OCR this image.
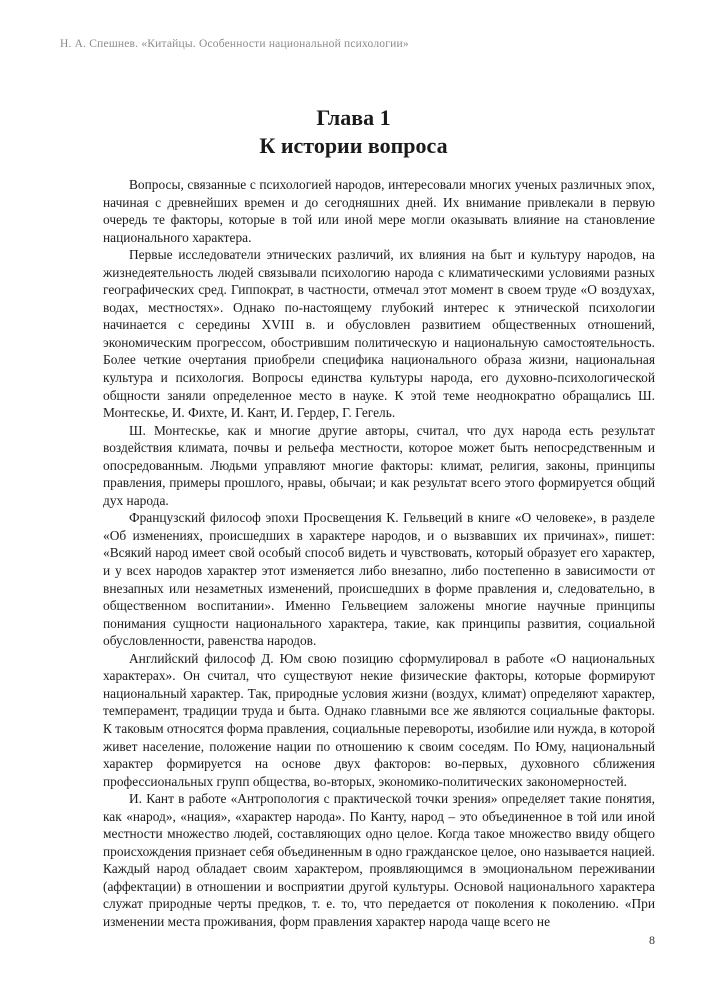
Н. А. Спешнев. «Китайцы. Особенности национальной психологии»
Глава 1
К истории вопроса

Вопросы, связанные с психологией народов, интересовали многих ученых различных эпох, начиная с древнейших времен и до сегодняшних дней. Их внимание привлекали в первую очередь те факторы, которые в той или иной мере могли оказывать влияние на становление национального характера.

Первые исследователи этнических различий, их влияния на быт и культуру народов, на жизнедеятельность людей связывали психологию народа с климатическими условиями разных географических сред. Гиппократ, в частности, отмечал этот момент в своем труде «О воздухах, водах, местностях». Однако по-настоящему глубокий интерес к этнической психологии начинается с середины XVIII в. и обусловлен развитием общественных отношений, экономическим прогрессом, обострившим политическую и национальную самостоятельность. Более четкие очертания приобрели специфика национального образа жизни, национальная культура и психология. Вопросы единства культуры народа, его духовно-психологической общности заняли определенное место в науке. К этой теме неоднократно обращались Ш. Монтескье, И. Фихте, И. Кант, И. Гердер, Г. Гегель.

Ш. Монтескье, как и многие другие авторы, считал, что дух народа есть результат воздействия климата, почвы и рельефа местности, которое может быть непосредственным и опосредованным. Людьми управляют многие факторы: климат, религия, законы, принципы правления, примеры прошлого, нравы, обычаи; и как результат всего этого формируется общий дух народа.

Французский философ эпохи Просвещения К. Гельвеций в книге «О человеке», в разделе «Об изменениях, происшедших в характере народов, и о вызвавших их причинах», пишет: «Всякий народ имеет свой особый способ видеть и чувствовать, который образует его характер, и у всех народов характер этот изменяется либо внезапно, либо постепенно в зависимости от внезапных или незаметных изменений, происшедших в форме правления и, следовательно, в общественном воспитании». Именно Гельвецием заложены многие научные принципы понимания сущности национального характера, такие, как принципы развития, социальной обусловленности, равенства народов.

Английский философ Д. Юм свою позицию сформулировал в работе «О национальных характерах». Он считал, что существуют некие физические факторы, которые формируют национальный характер. Так, природные условия жизни (воздух, климат) определяют характер, темперамент, традиции труда и быта. Однако главными все же являются социальные факторы. К таковым относятся форма правления, социальные перевороты, изобилие или нужда, в которой живет население, положение нации по отношению к своим соседям. По Юму, национальный характер формируется на основе двух факторов: во-первых, духовного сближения профессиональных групп общества, во-вторых, экономико-политических закономерностей.

И. Кант в работе «Антропология с практической точки зрения» определяет такие понятия, как «народ», «нация», «характер народа». По Канту, народ – это объединенное в той или иной местности множество людей, составляющих одно целое. Когда такое множество ввиду общего происхождения признает себя объединенным в одно гражданское целое, оно называется нацией. Каждый народ обладает своим характером, проявляющимся в эмоциональном переживании (аффектации) в отношении и восприятии другой культуры. Основой национального характера служат природные черты предков, т. е. то, что передается от поколения к поколению. «При изменении места проживания, форм правления характер народа чаще всего не

8
